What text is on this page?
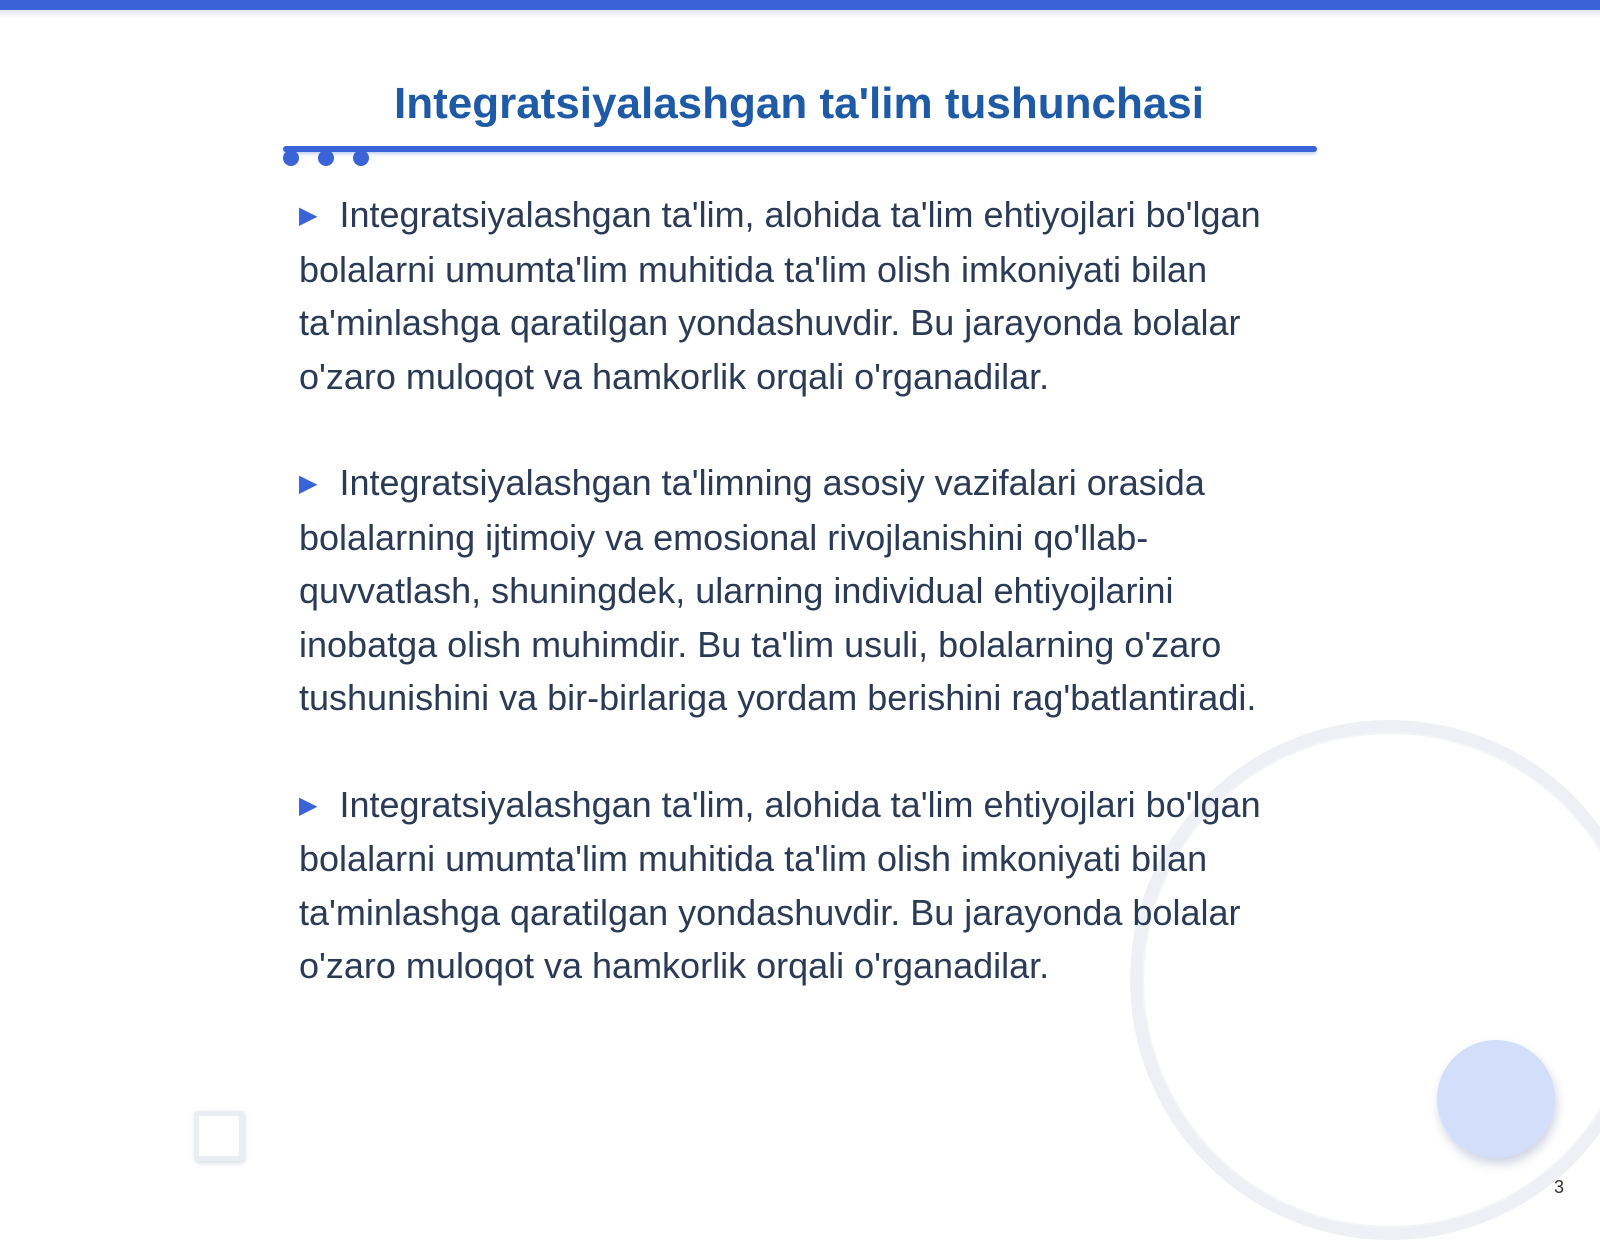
Integratsiyalashgan ta'lim tushunchasi

▶ Integratsiyalashgan ta'lim, alohida ta'lim ehtiyojlari bo'lgan bolalarni umumta'lim muhitida ta'lim olish imkoniyati bilan ta'minlashga qaratilgan yondashuvdir. Bu jarayonda bolalar o'zaro muloqot va hamkorlik orqali o'rganadilar.

▶ Integratsiyalashgan ta'limning asosiy vazifalari orasida bolalarning ijtimoiy va emosional rivojlanishini qo'llab-quvvatlash, shuningdek, ularning individual ehtiyojlarini inobatga olish muhimdir. Bu ta'lim usuli, bolalarning o'zaro tushunishini va bir-birlariga yordam berishini rag'batlantiradi.

▶ Integratsiyalashgan ta'lim, alohida ta'lim ehtiyojlari bo'lgan bolalarni umumta'lim muhitida ta'lim olish imkoniyati bilan ta'minlashga qaratilgan yondashuvdir. Bu jarayonda bolalar o'zaro muloqot va hamkorlik orqali o'rganadilar.

3
